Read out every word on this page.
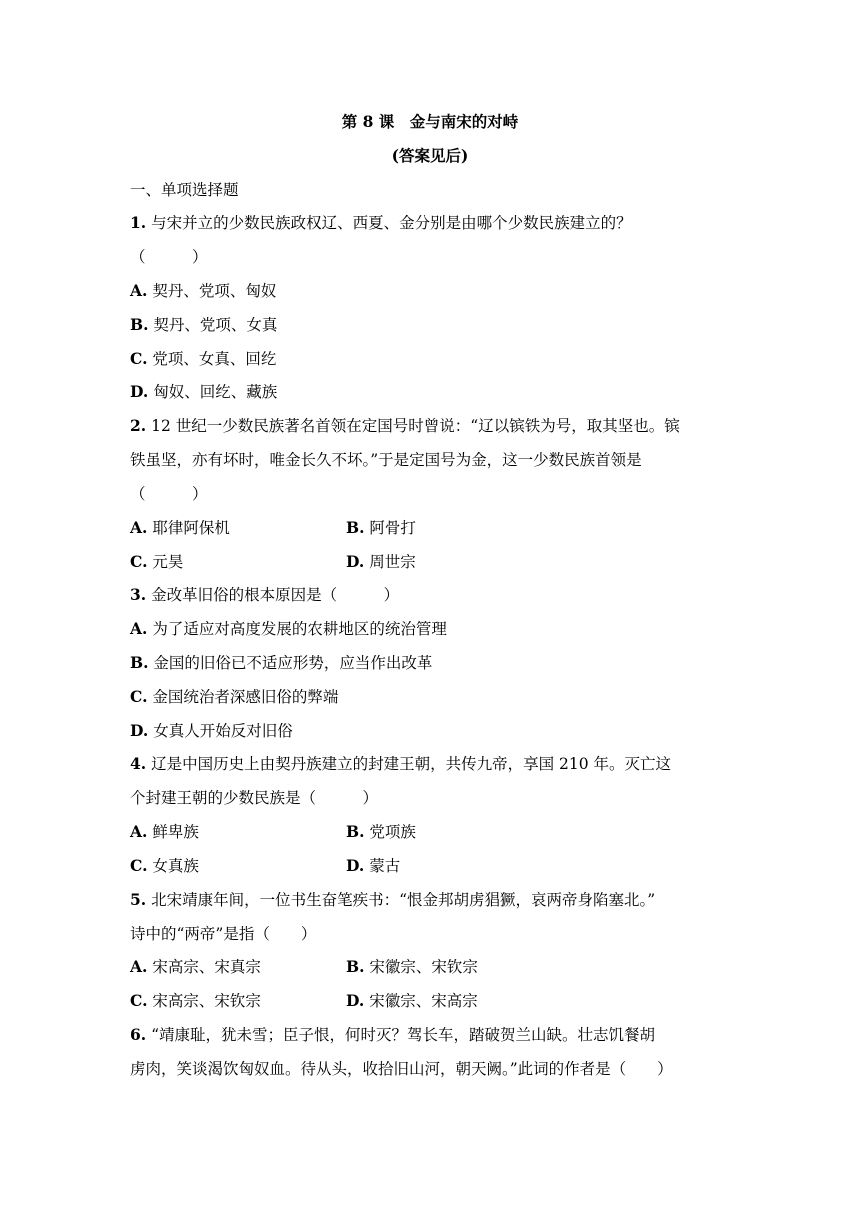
第 8 课　金与南宋的对峙
(答案见后)
一、单项选择题
1. 与宋并立的少数民族政权辽、西夏、金分别是由哪个少数民族建立的？
（　　　）
A. 契丹、党项、匈奴
B. 契丹、党项、女真
C. 党项、女真、回纥
D. 匈奴、回纥、藏族
2. 12 世纪一少数民族著名首领在定国号时曾说：“辽以镔铁为号，取其坚也。镔
铁虽坚，亦有坏时，唯金长久不坏。”于是定国号为金，这一少数民族首领是
（　　　）
A. 耶律阿保机	B. 阿骨打
C. 元昊	D. 周世宗
3. 金改革旧俗的根本原因是（　　　）
A. 为了适应对高度发展的农耕地区的统治管理
B. 金国的旧俗已不适应形势，应当作出改革
C. 金国统治者深感旧俗的弊端
D. 女真人开始反对旧俗
4. 辽是中国历史上由契丹族建立的封建王朝，共传九帝，享国 210 年。灭亡这
个封建王朝的少数民族是（　　　）
A. 鲜卑族	B. 党项族
C. 女真族	D. 蒙古
5. 北宋靖康年间，一位书生奋笔疾书：“恨金邦胡虏猖獗，哀两帝身陷塞北。”
诗中的“两帝”是指（　　）
A. 宋高宗、宋真宗	B. 宋徽宗、宋钦宗
C. 宋高宗、宋钦宗	D. 宋徽宗、宋高宗
6. “靖康耻，犹未雪；臣子恨，何时灭？驾长车，踏破贺兰山缺。壮志饥餐胡
虏肉，笑谈渴饮匈奴血。待从头，收拾旧山河，朝天阙。”此词的作者是（　　）
